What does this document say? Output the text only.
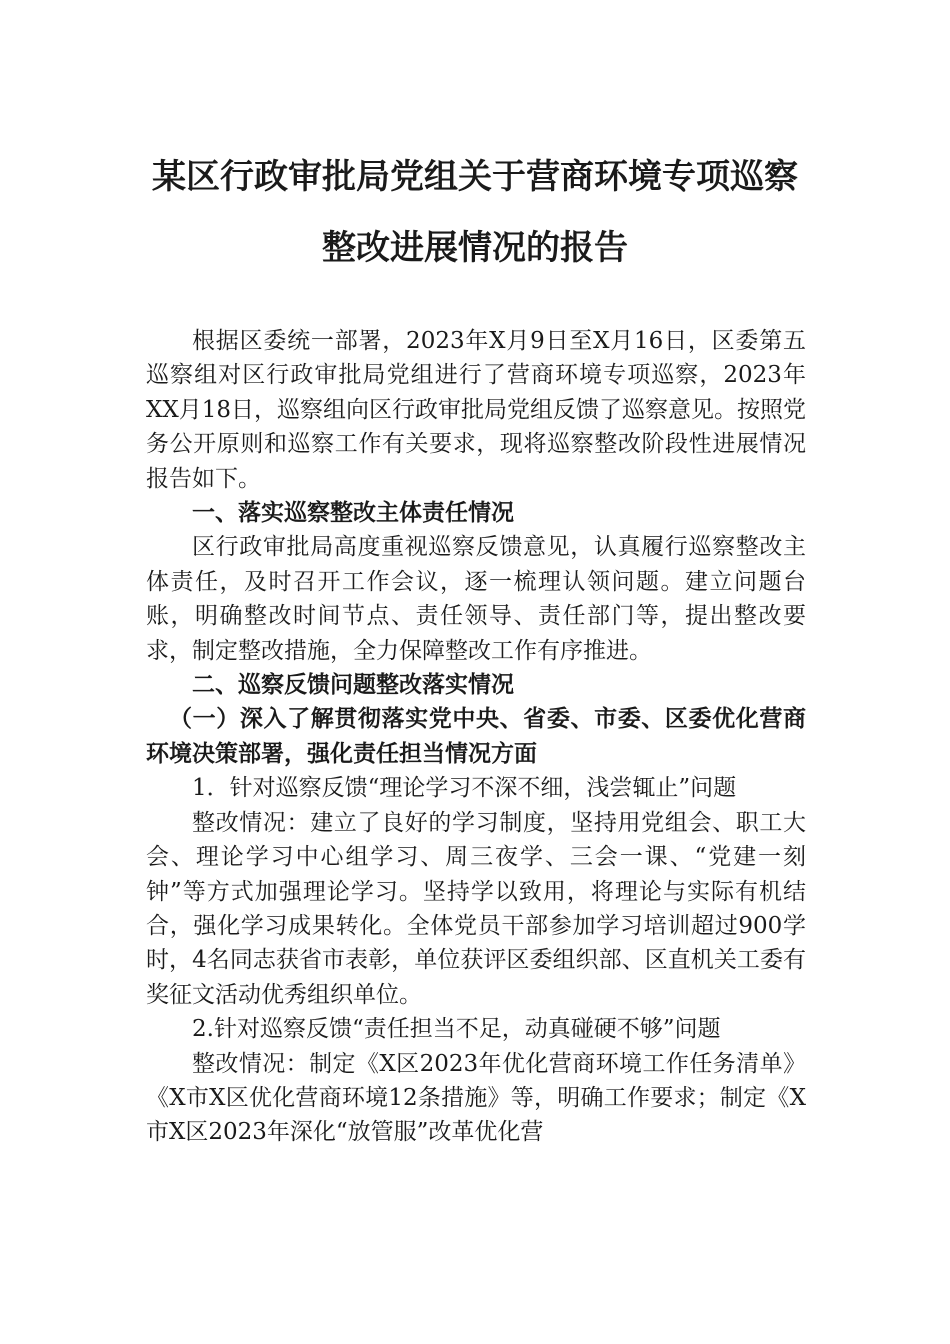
某区行政审批局党组关于营商环境专项巡察整改进展情况的报告

根据区委统一部署，2023年X月9日至X月16日，区委第五巡察组对区行政审批局党组进行了营商环境专项巡察，2023年XX月18日，巡察组向区行政审批局党组反馈了巡察意见。按照党务公开原则和巡察工作有关要求，现将巡察整改阶段性进展情况报告如下。

一、落实巡察整改主体责任情况

区行政审批局高度重视巡察反馈意见，认真履行巡察整改主体责任，及时召开工作会议，逐一梳理认领问题。建立问题台账，明确整改时间节点、责任领导、责任部门等，提出整改要求，制定整改措施，全力保障整改工作有序推进。

二、巡察反馈问题整改落实情况

（一）深入了解贯彻落实党中央、省委、市委、区委优化营商环境决策部署，强化责任担当情况方面

1．针对巡察反馈“理论学习不深不细，浅尝辄止”问题

整改情况：建立了良好的学习制度，坚持用党组会、职工大会、理论学习中心组学习、周三夜学、三会一课、“党建一刻钟”等方式加强理论学习。坚持学以致用，将理论与实际有机结合，强化学习成果转化。全体党员干部参加学习培训超过900学时，4名同志获省市表彰，单位获评区委组织部、区直机关工委有奖征文活动优秀组织单位。

2.针对巡察反馈“责任担当不足，动真碰硬不够”问题

整改情况：制定《X区2023年优化营商环境工作任务清单》《X市X区优化营商环境12条措施》等，明确工作要求；制定《X市X区2023年深化“放管服”改革优化营
